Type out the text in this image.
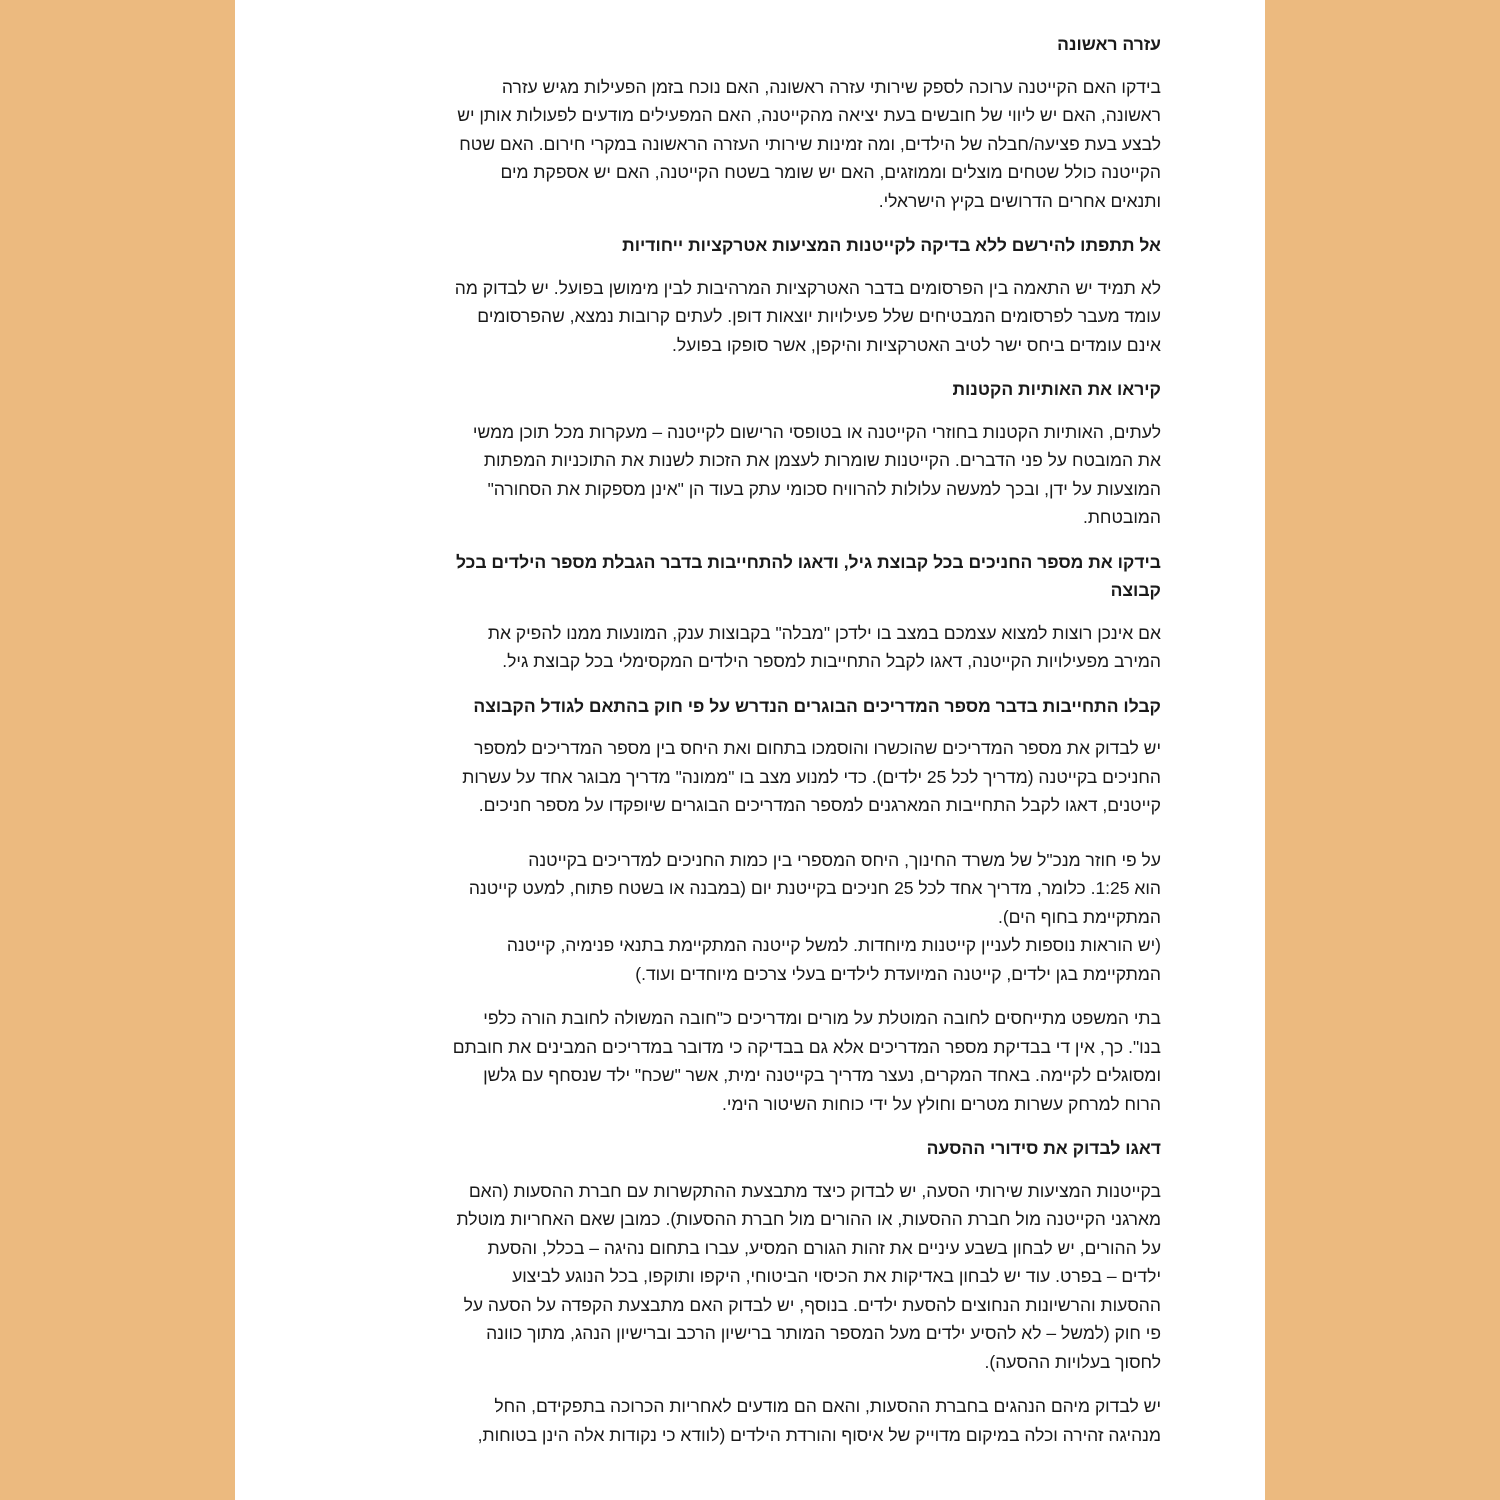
עזרה ראשונה
בידקו האם הקייטנה ערוכה לספק שירותי עזרה ראשונה, האם נוכח בזמן הפעילות מגיש עזרה
ראשונה, האם יש ליווי של חובשים בעת יציאה מהקייטנה, האם המפעילים מודעים לפעולות אותן יש
לבצע בעת פציעה/חבלה של הילדים, ומה זמינות שירותי העזרה הראשונה במקרי חירום. האם שטח
הקייטנה כולל שטחים מוצלים וממוזגים, האם יש שומר בשטח הקייטנה, האם יש אספקת מים
ותנאים אחרים הדרושים בקיץ הישראלי.
אל תתפתו להירשם ללא בדיקה לקייטנות המציעות אטרקציות ייחודיות
לא תמיד יש התאמה בין הפרסומים בדבר האטרקציות המרהיבות לבין מימושן בפועל. יש לבדוק מה
עומד מעבר לפרסומים המבטיחים שלל פעילויות יוצאות דופן. לעתים קרובות נמצא, שהפרסומים
אינם עומדים ביחס ישר לטיב האטרקציות והיקפן, אשר סופקו בפועל.
קיראו את האותיות הקטנות
לעתים, האותיות הקטנות בחוזרי הקייטנה או בטופסי הרישום לקייטנה – מעקרות מכל תוכן ממשי
את המובטח על פני הדברים. הקייטנות שומרות לעצמן את הזכות לשנות את התוכניות המפתות
המוצעות על ידן, ובכך למעשה עלולות להרוויח סכומי עתק בעוד הן "אינן מספקות את הסחורה"
המובטחת.
בידקו את מספר החניכים בכל קבוצת גיל, ודאגו להתחייבות בדבר הגבלת מספר הילדים בכל
קבוצה
אם אינכן רוצות למצוא עצמכם במצב בו ילדכן "מבלה" בקבוצות ענק, המונעות ממנו להפיק את
המירב מפעילויות הקייטנה, דאגו לקבל התחייבות למספר הילדים המקסימלי בכל קבוצת גיל.
קבלו התחייבות בדבר מספר המדריכים הבוגרים הנדרש על פי חוק בהתאם לגודל הקבוצה
יש לבדוק את מספר המדריכים שהוכשרו והוסמכו בתחום ואת היחס בין מספר המדריכים למספר
החניכים בקייטנה (מדריך לכל 25 ילדים). כדי למנוע מצב בו "ממונה" מדריך מבוגר אחד על עשרות
קייטנים, דאגו לקבל התחייבות המארגנים למספר המדריכים הבוגרים שיופקדו על מספר חניכים.
על פי חוזר מנכ"ל של משרד החינוך, היחס המספרי בין כמות החניכים למדריכים בקייטנה
הוא 1:25. כלומר, מדריך אחד לכל 25 חניכים בקייטנת יום (במבנה או בשטח פתוח, למעט קייטנה
המתקיימת בחוף הים).
(יש הוראות נוספות לעניין קייטנות מיוחדות. למשל קייטנה המתקיימת בתנאי פנימיה, קייטנה
המתקיימת בגן ילדים, קייטנה המיועדת לילדים בעלי צרכים מיוחדים ועוד.)
בתי המשפט מתייחסים לחובה המוטלת על מורים ומדריכים כ"חובה המשולה לחובת הורה כלפי
בנו". כך, אין די בבדיקת מספר המדריכים אלא גם בבדיקה כי מדובר במדריכים המבינים את חובתם
ומסוגלים לקיימה. באחד המקרים, נעצר מדריך בקייטנה ימית, אשר "שכח" ילד שנסחף עם גלשן
הרוח למרחק עשרות מטרים וחולץ על ידי כוחות השיטור הימי.
דאגו לבדוק את סידורי ההסעה
בקייטנות המציעות שירותי הסעה, יש לבדוק כיצד מתבצעת ההתקשרות עם חברת ההסעות (האם
מארגני הקייטנה מול חברת ההסעות, או ההורים מול חברת ההסעות). כמובן שאם האחריות מוטלת
על ההורים, יש לבחון בשבע עיניים את זהות הגורם המסיע, עברו בתחום נהיגה – בכלל, והסעת
ילדים – בפרט. עוד יש לבחון באדיקות את הכיסוי הביטוחי, היקפו ותוקפו, בכל הנוגע לביצוע
ההסעות והרשיונות הנחוצים להסעת ילדים. בנוסף, יש לבדוק האם מתבצעת הקפדה על הסעה על
פי חוק (למשל – לא להסיע ילדים מעל המספר המותר ברישיון הרכב וברישיון הנהג, מתוך כוונה
לחסוך בעלויות ההסעה).
יש לבדוק מיהם הנהגים בחברת ההסעות, והאם הם מודעים לאחריות הכרוכה בתפקידם, החל
מנהיגה זהירה וכלה במיקום מדוייק של איסוף והורדת הילדים (לוודא כי נקודות אלה הינן בטוחות,
